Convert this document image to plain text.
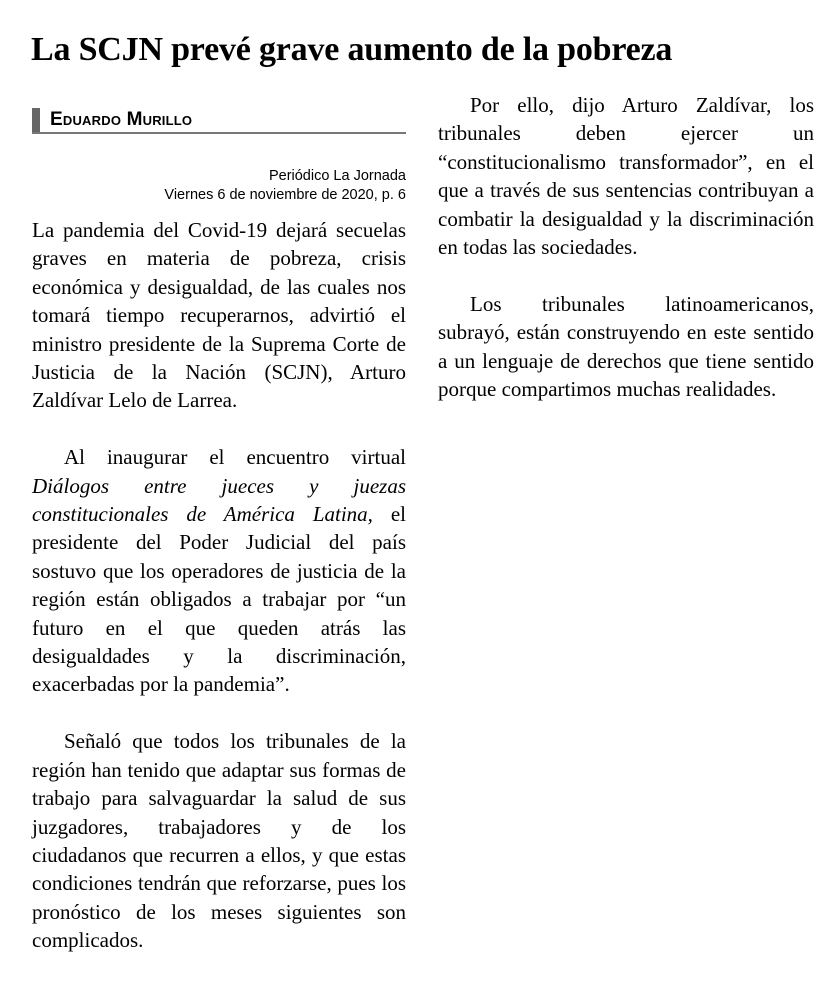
La SCJN prevé grave aumento de la pobreza
Eduardo Murillo
Periódico La Jornada
Viernes 6 de noviembre de 2020, p. 6

La pandemia del Covid-19 dejará secuelas graves en materia de pobreza, crisis económica y desigualdad, de las cuales nos tomará tiempo recuperarnos, advirtió el ministro presidente de la Suprema Corte de Justicia de la Nación (SCJN), Arturo Zaldívar Lelo de Larrea.

Al inaugurar el encuentro virtual Diálogos entre jueces y juezas constitucionales de América Latina, el presidente del Poder Judicial del país sostuvo que los operadores de justicia de la región están obligados a trabajar por “un futuro en el que queden atrás las desigualdades y la discriminación, exacerbadas por la pandemia”.

Señaló que todos los tribunales de la región han tenido que adaptar sus formas de trabajo para salvaguardar la salud de sus juzgadores, trabajadores y de los ciudadanos que recurren a ellos, y que estas condiciones tendrán que reforzarse, pues los pronóstico de los meses siguientes son complicados.

Por ello, dijo Arturo Zaldívar, los tribunales deben ejercer un “constitucionalismo transformador”, en el que a través de sus sentencias contribuyan a combatir la desigualdad y la discriminación en todas las sociedades.

Los tribunales latinoamericanos, subrayó, están construyendo en este sentido a un lenguaje de derechos que tiene sentido porque compartimos muchas realidades.
